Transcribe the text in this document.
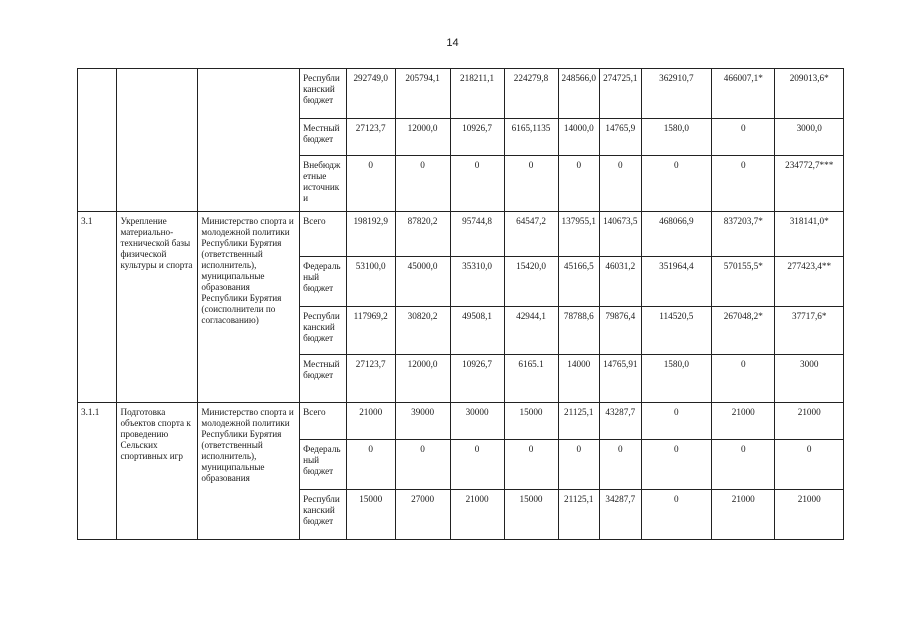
14
			Республиканский бюджет	292749,0	205794,1	218211,1	224279,8	248566,0	274725,1	362910,7	466007,1*	209013,6*
			Местный бюджет	27123,7	12000,0	10926,7	6165,1135	14000,0	14765,9	1580,0	0	3000,0
			Внебюджетные источники	0	0	0	0	0	0	0	0	234772,7***
3.1	Укрепление материально-технической базы физической культуры и спорта	Министерство спорта и молодежной политики Республики Бурятия (ответственный исполнитель), муниципальные образования Республики Бурятия (соисполнители по согласованию)	Всего	198192,9	87820,2	95744,8	64547,2	137955,1	140673,5	468066,9	837203,7*	318141,0*
			Федеральный бюджет	53100,0	45000,0	35310,0	15420,0	45166,5	46031,2	351964,4	570155,5*	277423,4**
			Республиканский бюджет	117969,2	30820,2	49508,1	42944,1	78788,6	79876,4	114520,5	267048,2*	37717,6*
			Местный бюджет	27123,7	12000,0	10926,7	6165.1	14000	14765,91	1580,0	0	3000
3.1.1	Подготовка объектов спорта к проведению Сельских спортивных игр	Министерство спорта и молодежной политики Республики Бурятия (ответственный исполнитель), муниципальные образования	Всего	21000	39000	30000	15000	21125,1	43287,7	0	21000	21000
			Федеральный бюджет	0	0	0	0	0	0	0	0	0
			Республиканский бюджет	15000	27000	21000	15000	21125,1	34287,7	0	21000	21000
